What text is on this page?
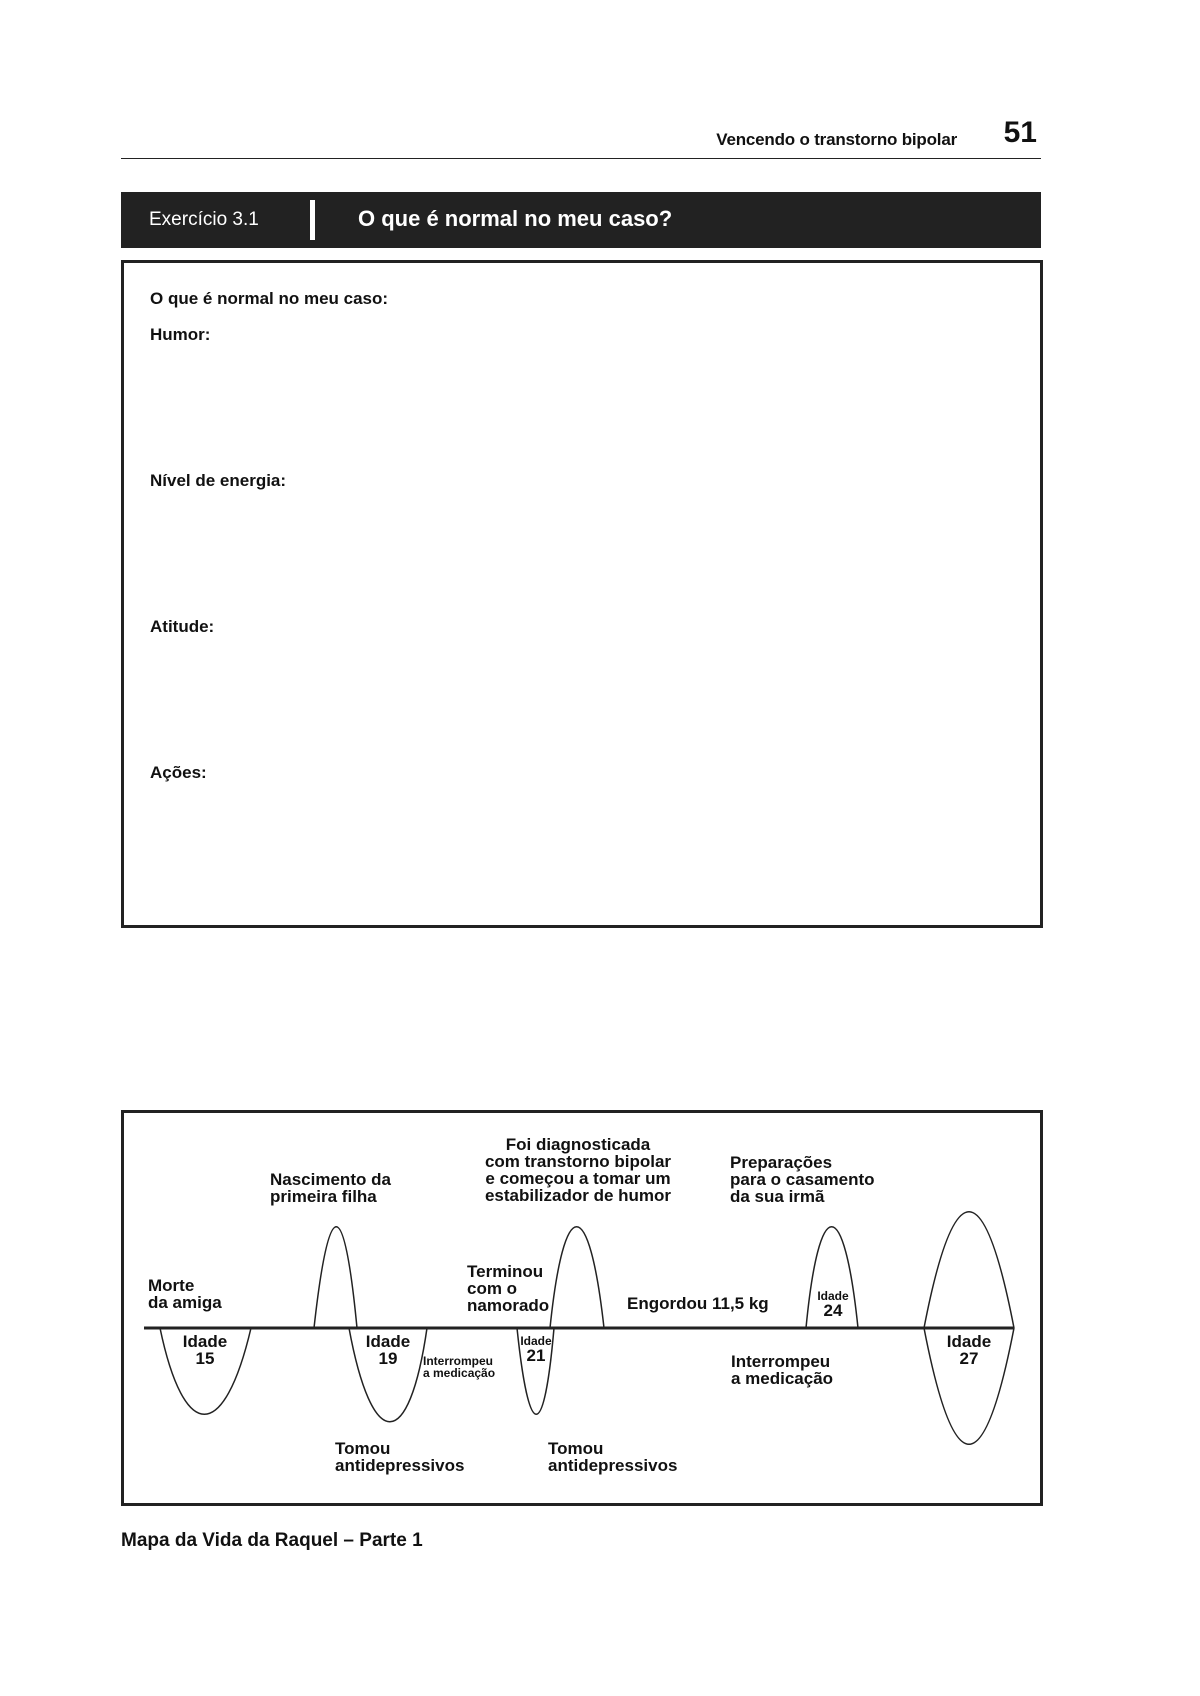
Vencendo o transtorno bipolar 51
Exercício 3.1	O que é normal no meu caso?
O que é normal no meu caso:
Humor:
Nível de energia:
Atitude:
Ações:
Morte
da amiga
Nascimento da
primeira filha
Terminou
com o
namorado
Foi diagnosticada
com transtorno bipolar
e começou a tomar um
estabilizador de humor
Engordou 11,5 kg
Preparações
para o casamento
da sua irmã
Interrompeu
a medicação
Interrompeu
a medicação
Tomou
antidepressivos
Tomou
antidepressivos
Idade
15
Idade
19
Idade
21
Idade
24
Idade
27
Mapa da Vida da Raquel – Parte 1
